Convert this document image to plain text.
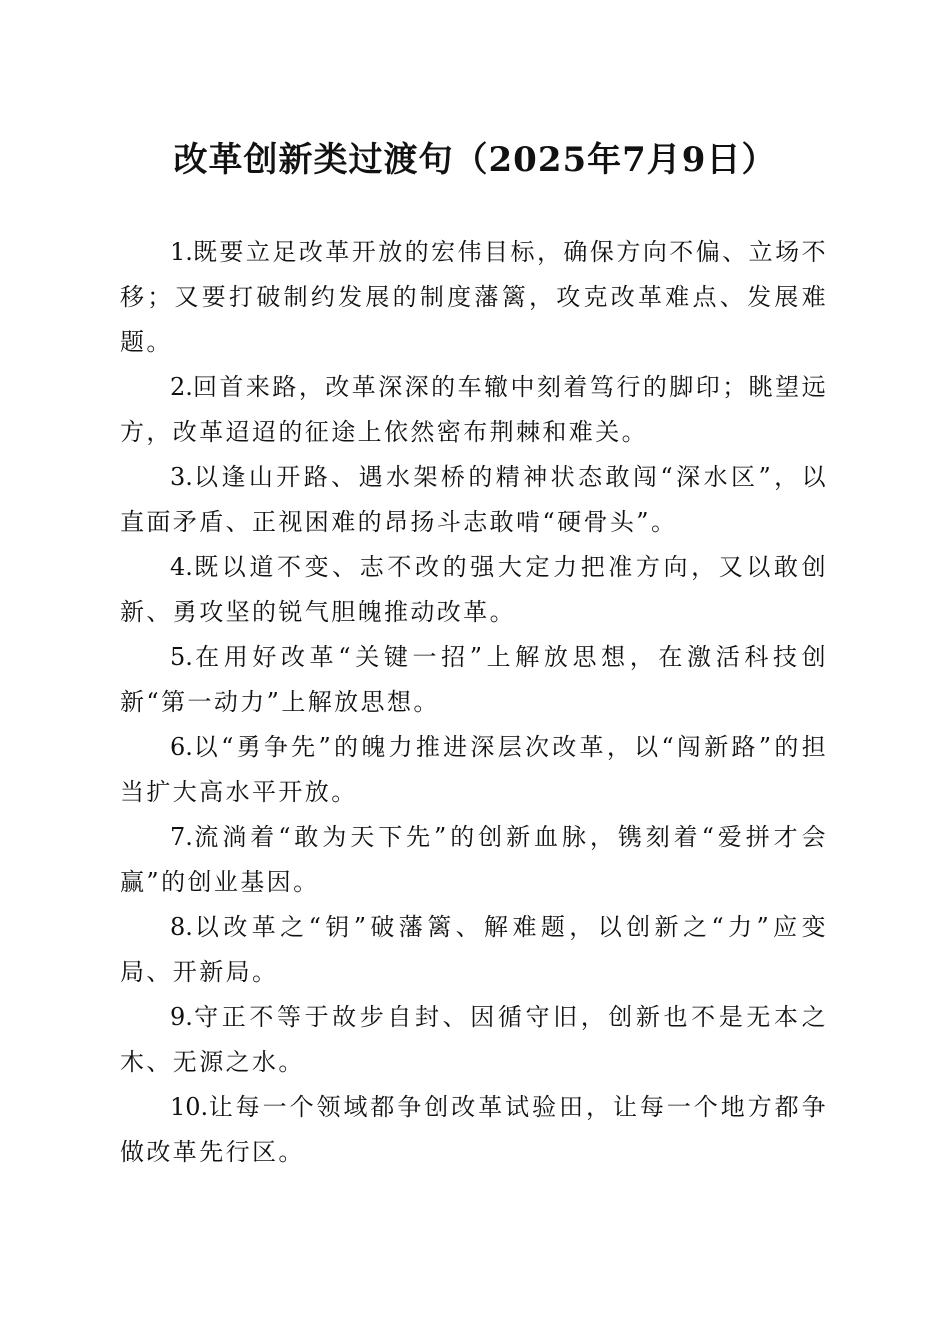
改革创新类过渡句（2025年7月9日）

1.既要立足改革开放的宏伟目标，确保方向不偏、立场不移；又要打破制约发展的制度藩篱，攻克改革难点、发展难题。

2.回首来路，改革深深的车辙中刻着笃行的脚印；眺望远方，改革迢迢的征途上依然密布荆棘和难关。

3.以逢山开路、遇水架桥的精神状态敢闯“深水区”，以直面矛盾、正视困难的昂扬斗志敢啃“硬骨头”。

4.既以道不变、志不改的强大定力把准方向，又以敢创新、勇攻坚的锐气胆魄推动改革。

5.在用好改革“关键一招”上解放思想，在激活科技创新“第一动力”上解放思想。

6.以“勇争先”的魄力推进深层次改革，以“闯新路”的担当扩大高水平开放。

7.流淌着“敢为天下先”的创新血脉，镌刻着“爱拼才会赢”的创业基因。

8.以改革之“钥”破藩篱、解难题，以创新之“力”应变局、开新局。

9.守正不等于故步自封、因循守旧，创新也不是无本之木、无源之水。

10.让每一个领域都争创改革试验田，让每一个地方都争做改革先行区。
